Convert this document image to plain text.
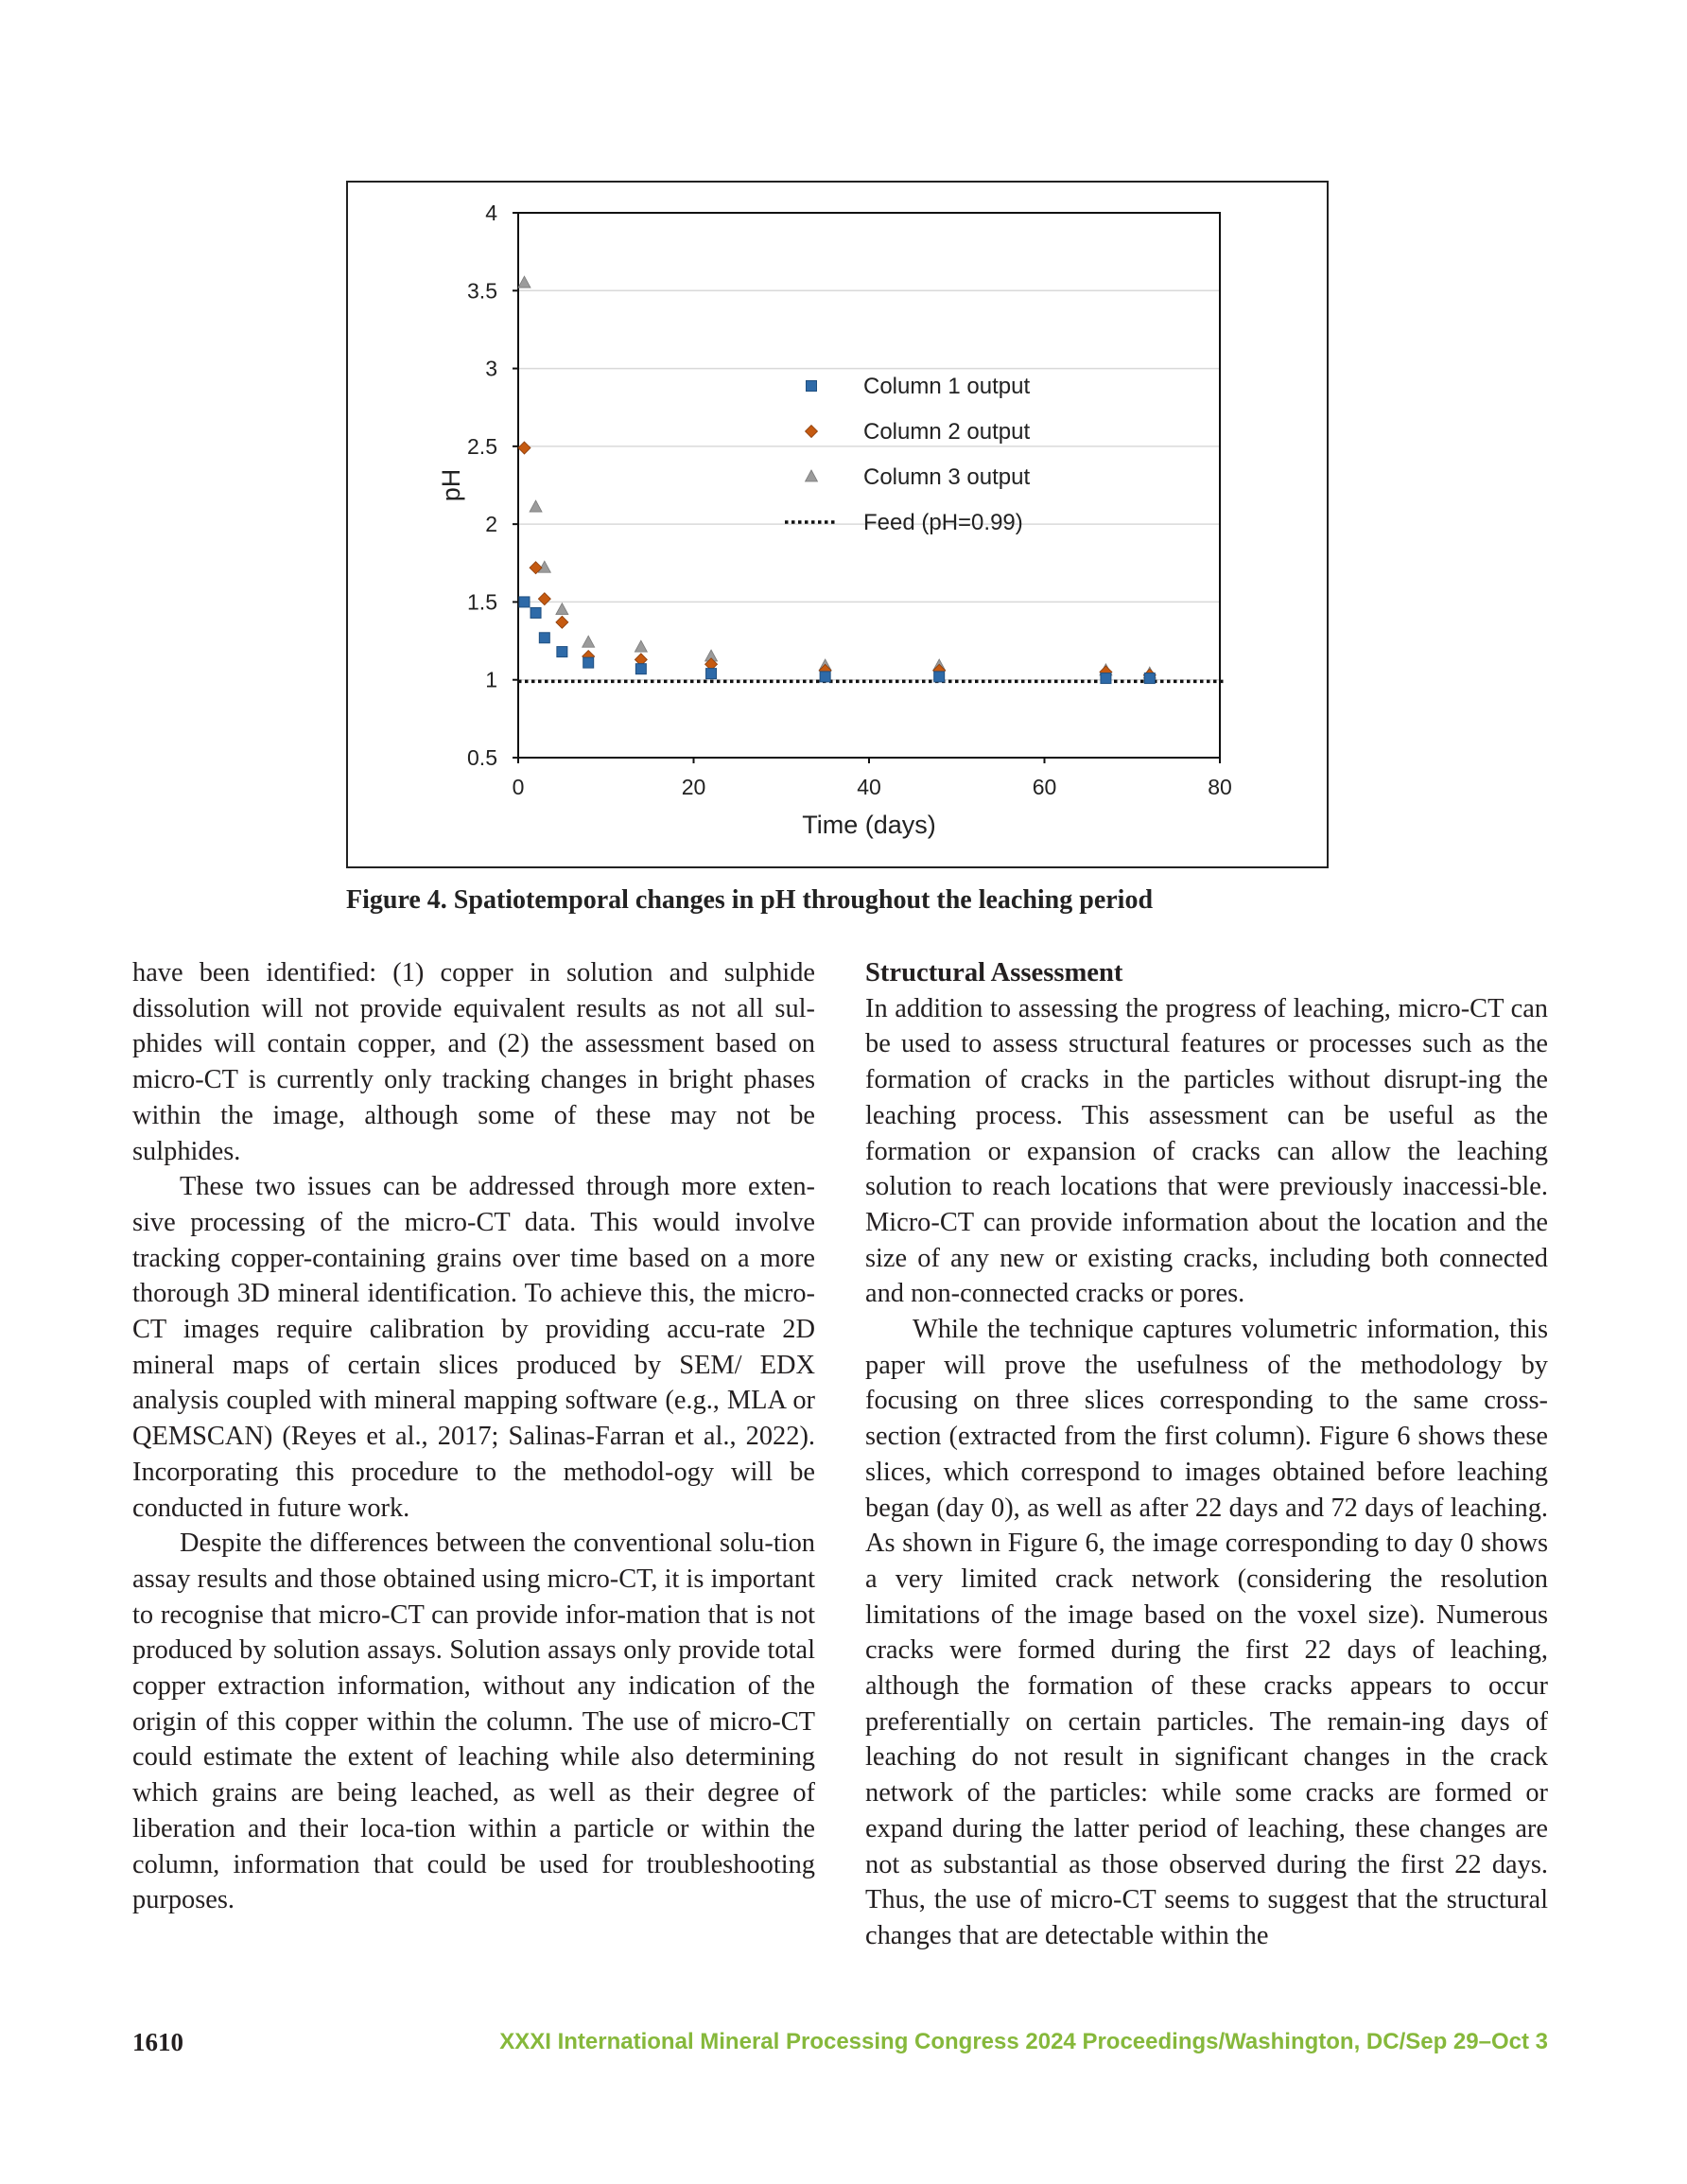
0.5
1
1.5
2
2.5
3
3.5
4
0	20	40	60	80
Time (days)
pH
Column 1 output
Column 2 output
Column 3 output
Feed (pH=0.99)
Figure 4. Spatiotemporal changes in pH throughout the leaching period

have been identified: (1) copper in solution and sulphide dissolution will not provide equivalent results as not all sul-phides will contain copper, and (2) the assessment based on micro-CT is currently only tracking changes in bright phases within the image, although some of these may not be sulphides.

These two issues can be addressed through more exten-sive processing of the micro-CT data. This would involve tracking copper-containing grains over time based on a more thorough 3D mineral identification. To achieve this, the micro-CT images require calibration by providing accu-rate 2D mineral maps of certain slices produced by SEM/ EDX analysis coupled with mineral mapping software (e.g., MLA or QEMSCAN) (Reyes et al., 2017; Salinas-Farran et al., 2022). Incorporating this procedure to the methodol-ogy will be conducted in future work.

Despite the differences between the conventional solu-tion assay results and those obtained using micro-CT, it is important to recognise that micro-CT can provide infor-mation that is not produced by solution assays. Solution assays only provide total copper extraction information, without any indication of the origin of this copper within the column. The use of micro-CT could estimate the extent of leaching while also determining which grains are being leached, as well as their degree of liberation and their loca-tion within a particle or within the column, information that could be used for troubleshooting purposes.

Structural Assessment

In addition to assessing the progress of leaching, micro-CT can be used to assess structural features or processes such as the formation of cracks in the particles without disrupt-ing the leaching process. This assessment can be useful as the formation or expansion of cracks can allow the leaching solution to reach locations that were previously inaccessi-ble. Micro-CT can provide information about the location and the size of any new or existing cracks, including both connected and non-connected cracks or pores.

While the technique captures volumetric information, this paper will prove the usefulness of the methodology by focusing on three slices corresponding to the same cross-section (extracted from the first column). Figure 6 shows these slices, which correspond to images obtained before leaching began (day 0), as well as after 22 days and 72 days of leaching. As shown in Figure 6, the image corresponding to day 0 shows a very limited crack network (considering the resolution limitations of the image based on the voxel size). Numerous cracks were formed during the first 22 days of leaching, although the formation of these cracks appears to occur preferentially on certain particles. The remain-ing days of leaching do not result in significant changes in the crack network of the particles: while some cracks are formed or expand during the latter period of leaching, these changes are not as substantial as those observed during the first 22 days. Thus, the use of micro-CT seems to suggest that the structural changes that are detectable within the

1610	XXXI International Mineral Processing Congress 2024 Proceedings/Washington, DC/Sep 29–Oct 3
